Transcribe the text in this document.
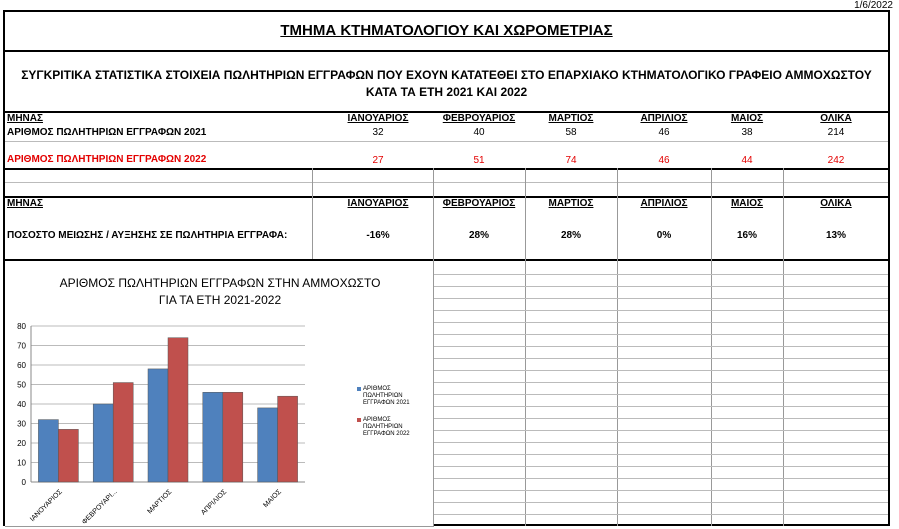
1/6/2022
ΤΜΗΜΑ ΚΤΗΜΑΤΟΛΟΓΙΟΥ ΚΑΙ ΧΩΡΟΜΕΤΡΙΑΣ
ΣΥΓΚΡΙΤΙΚΑ ΣΤΑΤΙΣΤΙΚΑ ΣΤΟΙΧΕΙΑ ΠΩΛΗΤΗΡΙΩΝ ΕΓΓΡΑΦΩΝ ΠΟΥ ΕΧΟΥΝ ΚΑΤΑΤΕΘΕΙ ΣΤΟ ΕΠΑΡΧΙΑΚΟ ΚΤΗΜΑΤΟΛΟΓΙΚΟ ΓΡΑΦΕΙΟ ΑΜΜΟΧΩΣΤΟΥ ΚΑΤΑ ΤΑ ΕΤΗ 2021 ΚΑΙ 2022
ΜΗΝΑΣ	ΙΑΝΟΥΑΡΙΟΣ	ΦΕΒΡΟΥΑΡΙΟΣ	ΜΑΡΤΙΟΣ	ΑΠΡΙΛΙΟΣ	ΜΑΙΟΣ	ΟΛΙΚΑ
ΑΡΙΘΜΟΣ ΠΩΛΗΤΗΡΙΩΝ ΕΓΓΡΑΦΩΝ 2021	32	40	58	46	38	214
ΑΡΙΘΜΟΣ ΠΩΛΗΤΗΡΙΩΝ ΕΓΓΡΑΦΩΝ 2022	27	51	74	46	44	242
ΜΗΝΑΣ	ΙΑΝΟΥΑΡΙΟΣ	ΦΕΒΡΟΥΑΡΙΟΣ	ΜΑΡΤΙΟΣ	ΑΠΡΙΛΙΟΣ	ΜΑΙΟΣ	ΟΛΙΚΑ
ΠΟΣΟΣΤΟ ΜΕΙΩΣΗΣ / ΑΥΞΗΣΗΣ ΣΕ ΠΩΛΗΤΗΡΙΑ ΕΓΓΡΑΦΑ:	-16%	28%	28%	0%	16%	13%
ΑΡΙΘΜΟΣ ΠΩΛΗΤΗΡΙΩΝ ΕΓΓΡΑΦΩΝ ΣΤΗΝ ΑΜΜΟΧΩΣΤΟ
ΓΙΑ ΤΑ ΕΤΗ 2021-2022
0
10
20
30
40
50
60
70
80
ΙΑΝΟΥΑΡΙΟΣ ΦΕΒΡΟΥΑΡΙ...	ΜΑΡΤΙΟΣ	ΑΠΡΙΛΙΟΣ	ΜΑΙΟΣ
ΑΡΙΘΜΟΣ
ΠΩΛΗΤΗΡΙΩΝ
ΕΓΓΡΑΦΩΝ 2021
ΑΡΙΘΜΟΣ
ΠΩΛΗΤΗΡΙΩΝ
ΕΓΓΡΑΦΩΝ 2022
